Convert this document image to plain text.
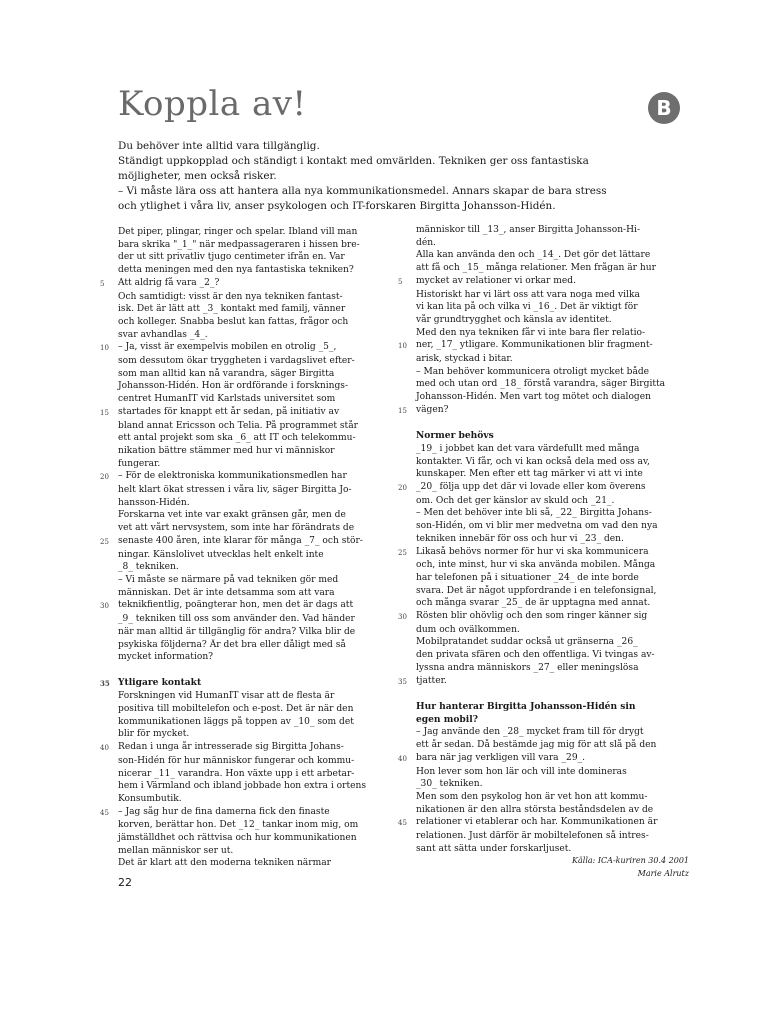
Koppla av!	B
Du behöver inte alltid vara tillgänglig.
Ständigt uppkopplad och ständigt i kontakt med omvärlden. Tekniken ger oss fantastiska
möjligheter, men också risker.
– Vi måste lära oss att hantera alla nya kommunikationsmedel. Annars skapar de bara stress
och ytlighet i våra liv, anser psykologen och IT-forskaren Birgitta Johansson-Hidén.
Det piper, plingar, ringer och spelar. Ibland vill man
bara skrika "_1_" när medpassageraren i hissen bre-
der ut sitt privatliv tjugo centimeter ifrån en. Var
detta meningen med den nya fantastiska tekniken?
5	Att aldrig få vara _2_?
Och samtidigt: visst är den nya tekniken fantast-
isk. Det är lätt att _3_ kontakt med familj, vänner
och kolleger. Snabba beslut kan fattas, frågor och
svar avhandlas _4_.
10 – Ja, visst är exempelvis mobilen en otrolig _5_,
som dessutom ökar tryggheten i vardagslivet efter-
som man alltid kan nå varandra, säger Birgitta
Johansson-Hidén. Hon är ordförande i forsknings-
centret HumanIT vid Karlstads universitet som
15 startades för knappt ett år sedan, på initiativ av
bland annat Ericsson och Telia. På programmet står
ett antal projekt som ska _6_ att IT och telekommu-
nikation bättre stämmer med hur vi människor
fungerar.
20 – För de elektroniska kommunikationsmedlen har
helt klart ökat stressen i våra liv, säger Birgitta Jo-
hansson-Hidén.
Forskarna vet inte var exakt gränsen går, men de
vet att vårt nervsystem, som inte har förändrats de
25 senaste 400 åren, inte klarar för många _7_ och stör-
ningar. Känslolivet utvecklas helt enkelt inte
_8_ tekniken.
– Vi måste se närmare på vad tekniken gör med
människan. Det är inte detsamma som att vara
30 teknikfientlig, poängterar hon, men det är dags att
_9_ tekniken till oss som använder den. Vad händer
när man alltid är tillgänglig för andra? Vilka blir de
psykiska följderna? Är det bra eller dåligt med så
mycket information?
35 Ytligare kontakt
Forskningen vid HumanIT visar att de flesta är
positiva till mobiltelefon och e-post. Det är när den
kommunikationen läggs på toppen av _10_ som det
blir för mycket.
40 Redan i unga år intresserade sig Birgitta Johans-
son-Hidén för hur människor fungerar och kommu-
nicerar _11_ varandra. Hon växte upp i ett arbetar-
hem i Värmland och ibland jobbade hon extra i ortens
Konsumbutik.
45 – Jag såg hur de fina damerna fick den finaste
korven, berättar hon. Det _12_ tankar inom mig, om
jämställdhet och rättvisa och hur kommunikationen
mellan människor ser ut.
Det är klart att den moderna tekniken närmar
människor till _13_, anser Birgitta Johansson-Hi-
dén.
Alla kan använda den och _14_. Det gör det lättare
att få och _15_ många relationer. Men frågan är hur
5	mycket av relationer vi orkar med.
Historiskt har vi lärt oss att vara noga med vilka
vi kan lita på och vilka vi _16_. Det är viktigt för
vår grundtrygghet och känsla av identitet.
Med den nya tekniken får vi inte bara fler relatio-
10 ner, _17_ ytligare. Kommunikationen blir fragment-
arisk, styckad i bitar.
– Man behöver kommunicera otroligt mycket både
med och utan ord _18_ förstå varandra, säger Birgitta
Johansson-Hidén. Men vart tog mötet och dialogen
15 vägen?
Normer behövs
_19_ i jobbet kan det vara värdefullt med många
kontakter. Vi får, och vi kan också dela med oss av,
kunskaper. Men efter ett tag märker vi att vi inte
20 _20_ följa upp det där vi lovade eller kom överens
om. Och det ger känslor av skuld och _21_.
– Men det behöver inte bli så, _22_ Birgitta Johans-
son-Hidén, om vi blir mer medvetna om vad den nya
tekniken innebär för oss och hur vi _23_ den.
25 Likaså behövs normer för hur vi ska kommunicera
och, inte minst, hur vi ska använda mobilen. Många
har telefonen på i situationer _24_ de inte borde
svara. Det är något uppfordrande i en telefonsignal,
och många svarar _25_ de är upptagna med annat.
30 Rösten blir ohövlig och den som ringer känner sig
dum och ovälkommen.
Mobilpratandet suddar också ut gränserna _26_
den privata sfären och den offentliga. Vi tvingas av-
lyssna andra människors _27_ eller meningslösa
35 tjatter.
Hur hanterar Birgitta Johansson-Hidén sin
egen mobil?
– Jag använde den _28_ mycket fram till för drygt
ett år sedan. Då bestämde jag mig för att slå på den
40 bara när jag verkligen vill vara _29_.
Hon lever som hon lär och vill inte domineras
_30_ tekniken.
Men som den psykolog hon är vet hon att kommu-
nikationen är den allra största beståndsdelen av de
45 relationer vi etablerar och har. Kommunikationen är
relationen. Just därför är mobiltelefonen så intres-
sant att sätta under forskarljuset.
Källa: ICA-kuriren 30.4 2001
Marie Alrutz
22
